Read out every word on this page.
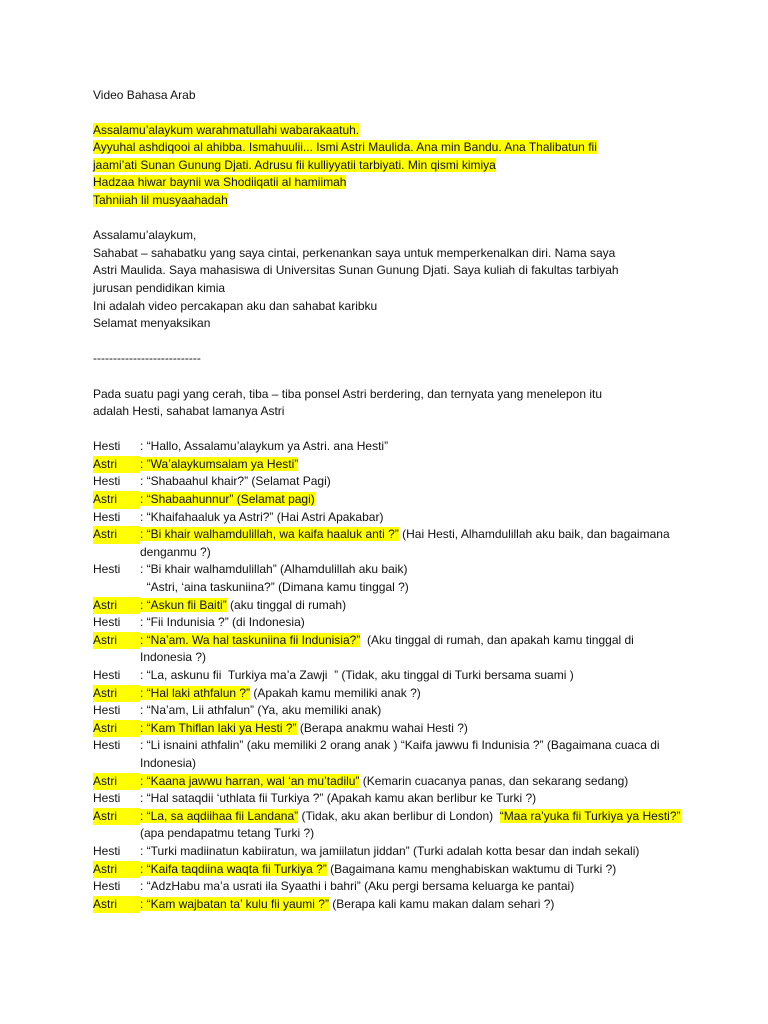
Video Bahasa Arab
Assalamu’alaykum warahmatullahi wabarakaatuh.
Ayyuhal ashdiqooi al ahibba. Ismahuulii... Ismi Astri Maulida. Ana min Bandu. Ana Thalibatun fii
jaami’ati Sunan Gunung Djati. Adrusu fii kulliyyatii tarbiyati. Min qismi kimiya
Hadzaa hiwar baynii wa Shodiiqatii al hamiimah
Tahniiah lil musyaahadah
Assalamu’alaykum,
Sahabat – sahabatku yang saya cintai, perkenankan saya untuk memperkenalkan diri. Nama saya
Astri Maulida. Saya mahasiswa di Universitas Sunan Gunung Djati. Saya kuliah di fakultas tarbiyah
jurusan pendidikan kimia
Ini adalah video percakapan aku dan sahabat karibku
Selamat menyaksikan
---------------------------
Pada suatu pagi yang cerah, tiba – tiba ponsel Astri berdering, dan ternyata yang menelepon itu
adalah Hesti, sahabat lamanya Astri
Hesti	: “Hallo, Assalamu’alaykum ya Astri. ana Hesti”
Astri	: ”Wa’alaykumsalam ya Hesti”
Hesti	: “Shabaahul khair?” (Selamat Pagi)
Astri	: “Shabaahunnur” (Selamat pagi)
Hesti	: “Khaifahaaluk ya Astri?” (Hai Astri Apakabar)
Astri	: “Bi khair walhamdulillah, wa kaifa haaluk anti ?” (Hai Hesti, Alhamdulillah aku baik, dan bagaimana denganmu ?)
Hesti	: “Bi khair walhamdulillah” (Alhamdulillah aku baik)
“Astri, ‘aina taskuniina?” (Dimana kamu tinggal ?)
Astri	: “Askun fii Baiti” (aku tinggal di rumah)
Hesti	: “Fii Indunisia ?” (di Indonesia)
Astri	: “Na’am. Wa hal taskuniina fii Indunisia?”  (Aku tinggal di rumah, dan apakah kamu tinggal di Indonesia ?)
Hesti	: “La, askunu fii  Turkiya ma’a Zawji  ” (Tidak, aku tinggal di Turki bersama suami )
Astri	: “Hal laki athfalun ?” (Apakah kamu memiliki anak ?)
Hesti	: “Na’am, Lii athfalun” (Ya, aku memiliki anak)
Astri	: “Kam Thiflan laki ya Hesti ?” (Berapa anakmu wahai Hesti ?)
Hesti	: “Li isnaini athfalin” (aku memiliki 2 orang anak ) “Kaifa jawwu fi Indunisia ?” (Bagaimana cuaca di Indonesia)
Astri	: “Kaana jawwu harran, wal ‘an mu’tadilu” (Kemarin cuacanya panas, dan sekarang sedang)
Hesti	: “Hal sataqdii ‘uthlata fii Turkiya ?” (Apakah kamu akan berlibur ke Turki ?)
Astri	: “La, sa aqdiihaa fii Landana” (Tidak, aku akan berlibur di London)  “Maa ra’yuka fii Turkiya ya Hesti?” (apa pendapatmu tetang Turki ?)
Hesti	: “Turki madiinatun kabiiratun, wa jamiilatun jiddan” (Turki adalah kotta besar dan indah sekali)
Astri	: “Kaifa taqdiina waqta fii Turkiya ?” (Bagaimana kamu menghabiskan waktumu di Turki ?)
Hesti	: “AdzHabu ma’a usrati ila Syaathi i bahri” (Aku pergi bersama keluarga ke pantai)
Astri	: “Kam wajbatan ta’ kulu fii yaumi ?” (Berapa kali kamu makan dalam sehari ?)
